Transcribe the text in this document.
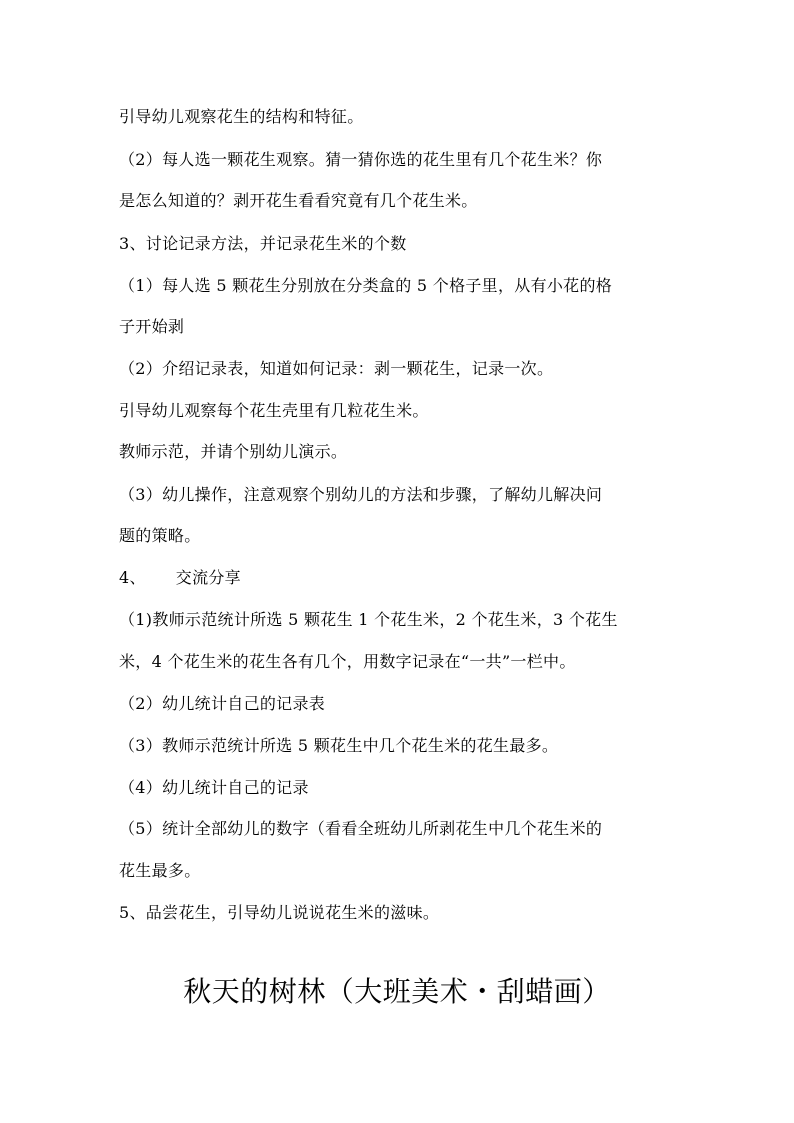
引导幼儿观察花生的结构和特征。
（2）每人选一颗花生观察。猜一猜你选的花生里有几个花生米？你
是怎么知道的？剥开花生看看究竟有几个花生米。
3、讨论记录方法，并记录花生米的个数
（1）每人选 5 颗花生分别放在分类盒的 5 个格子里，从有小花的格
子开始剥
（2）介绍记录表，知道如何记录：剥一颗花生，记录一次。
引导幼儿观察每个花生壳里有几粒花生米。
教师示范，并请个别幼儿演示。
（3）幼儿操作，注意观察个别幼儿的方法和步骤，了解幼儿解决问
题的策略。
4、 交流分享
（1)教师示范统计所选 5 颗花生 1 个花生米，2 个花生米，3 个花生
米，4 个花生米的花生各有几个，用数字记录在“一共”一栏中。
（2）幼儿统计自己的记录表
（3）教师示范统计所选 5 颗花生中几个花生米的花生最多。
（4）幼儿统计自己的记录
（5）统计全部幼儿的数字（看看全班幼儿所剥花生中几个花生米的
花生最多。
5、品尝花生，引导幼儿说说花生米的滋味。
秋天的树林（大班美术・刮蜡画）
